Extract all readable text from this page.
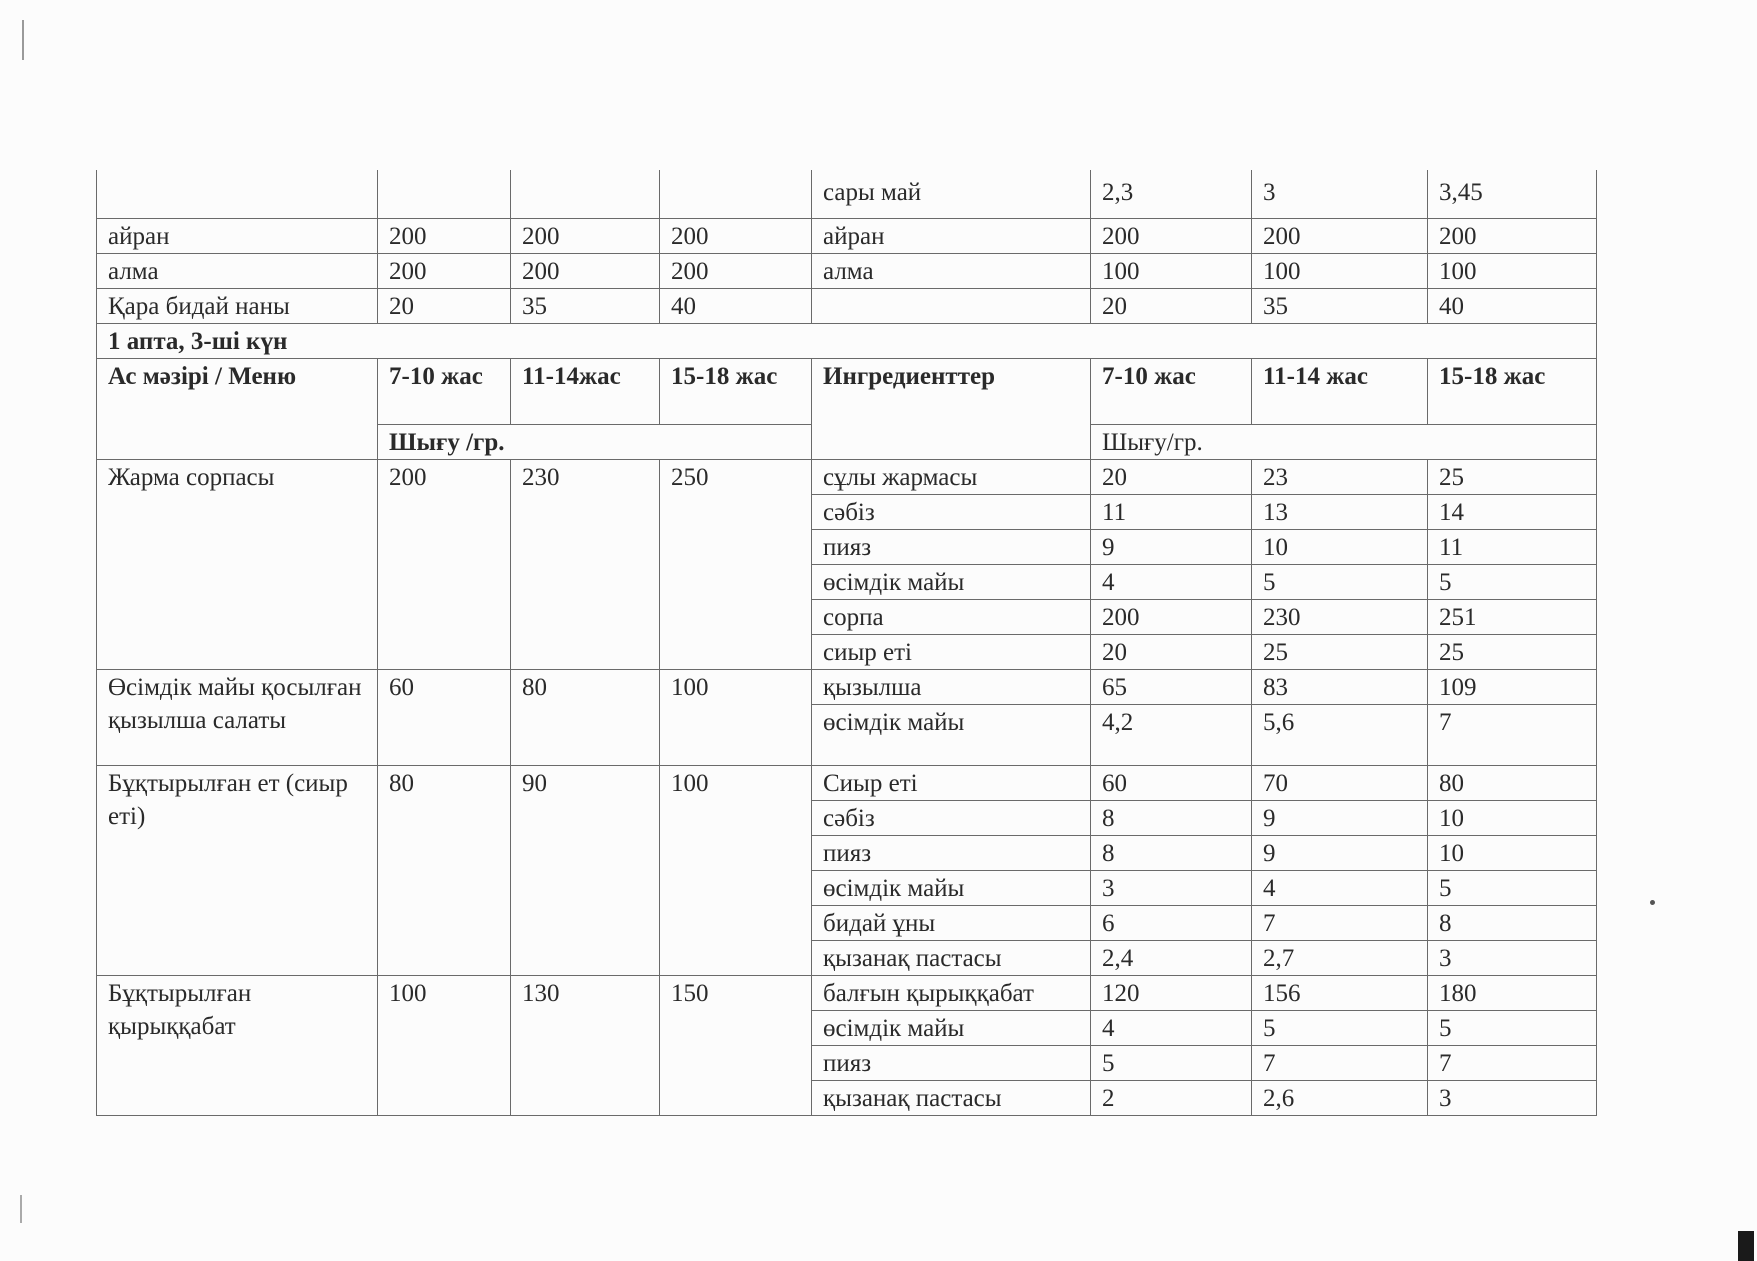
				сары май	2,3	3	3,45
айран	200	200	200	айран	200	200	200
алма	200	200	200	алма	100	100	100
Қара бидай наны	20	35	40		20	35	40
1 апта, 3-ші күн							
Ас мәзірі / Меню	7-10 жас	11-14жас	15-18 жас	Ингредиенттер	7-10 жас	11-14 жас	15-18 жас
	Шығу /гр.				Шығу/гр.		
Жарма сорпасы	200	230	250	сұлы жармасы	20	23	25
				сәбіз	11	13	14
				пияз	9	10	11
				өсімдік майы	4	5	5
				сорпа	200	230	251
				сиыр еті	20	25	25
Өсімдік майы қосылған қызылша салаты	60	80	100	қызылша	65	83	109
				өсімдік майы	4,2	5,6	7
Бұқтырылған ет (сиыр еті)	80	90	100	Сиыр еті	60	70	80
				сәбіз	8	9	10
				пияз	8	9	10
				өсімдік майы	3	4	5
				бидай ұны	6	7	8
				қызанақ пастасы	2,4	2,7	3
Бұқтырылған қырыққабат	100	130	150	балғын қырыққабат	120	156	180
				өсімдік майы	4	5	5
				пияз	5	7	7
				қызанақ пастасы	2	2,6	3
